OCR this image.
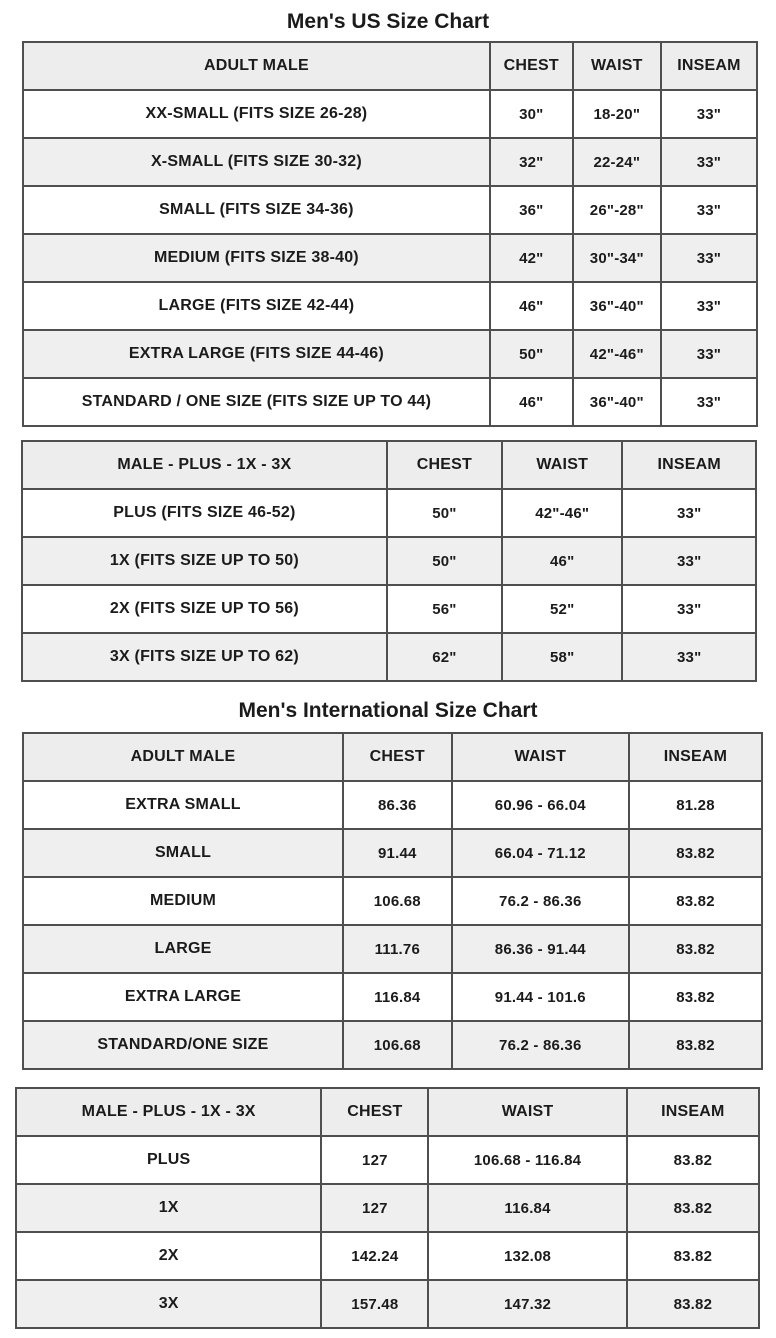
Men's US Size Chart
ADULT MALE	CHEST	WAIST	INSEAM
XX-SMALL (FITS SIZE 26-28)	30"	18-20"	33"
X-SMALL (FITS SIZE 30-32)	32"	22-24"	33"
SMALL (FITS SIZE 34-36)	36"	26"-28"	33"
MEDIUM (FITS SIZE 38-40)	42"	30"-34"	33"
LARGE (FITS SIZE 42-44)	46"	36"-40"	33"
EXTRA LARGE (FITS SIZE 44-46)	50"	42"-46"	33"
STANDARD / ONE SIZE (FITS SIZE UP TO 44)	46"	36"-40"	33"
MALE - PLUS - 1X - 3X	CHEST	WAIST	INSEAM
PLUS (FITS SIZE 46-52)	50"	42"-46"	33"
1X (FITS SIZE UP TO 50)	50"	46"	33"
2X (FITS SIZE UP TO 56)	56"	52"	33"
3X (FITS SIZE UP TO 62)	62"	58"	33"
Men's International Size Chart
ADULT MALE	CHEST	WAIST	INSEAM
EXTRA SMALL	86.36	60.96 - 66.04	81.28
SMALL	91.44	66.04 - 71.12	83.82
MEDIUM	106.68	76.2 - 86.36	83.82
LARGE	111.76	86.36 - 91.44	83.82
EXTRA LARGE	116.84	91.44 - 101.6	83.82
STANDARD/ONE SIZE	106.68	76.2 - 86.36	83.82
MALE - PLUS - 1X - 3X	CHEST	WAIST	INSEAM
PLUS	127	106.68 - 116.84	83.82
1X	127	116.84	83.82
2X	142.24	132.08	83.82
3X	157.48	147.32	83.82
